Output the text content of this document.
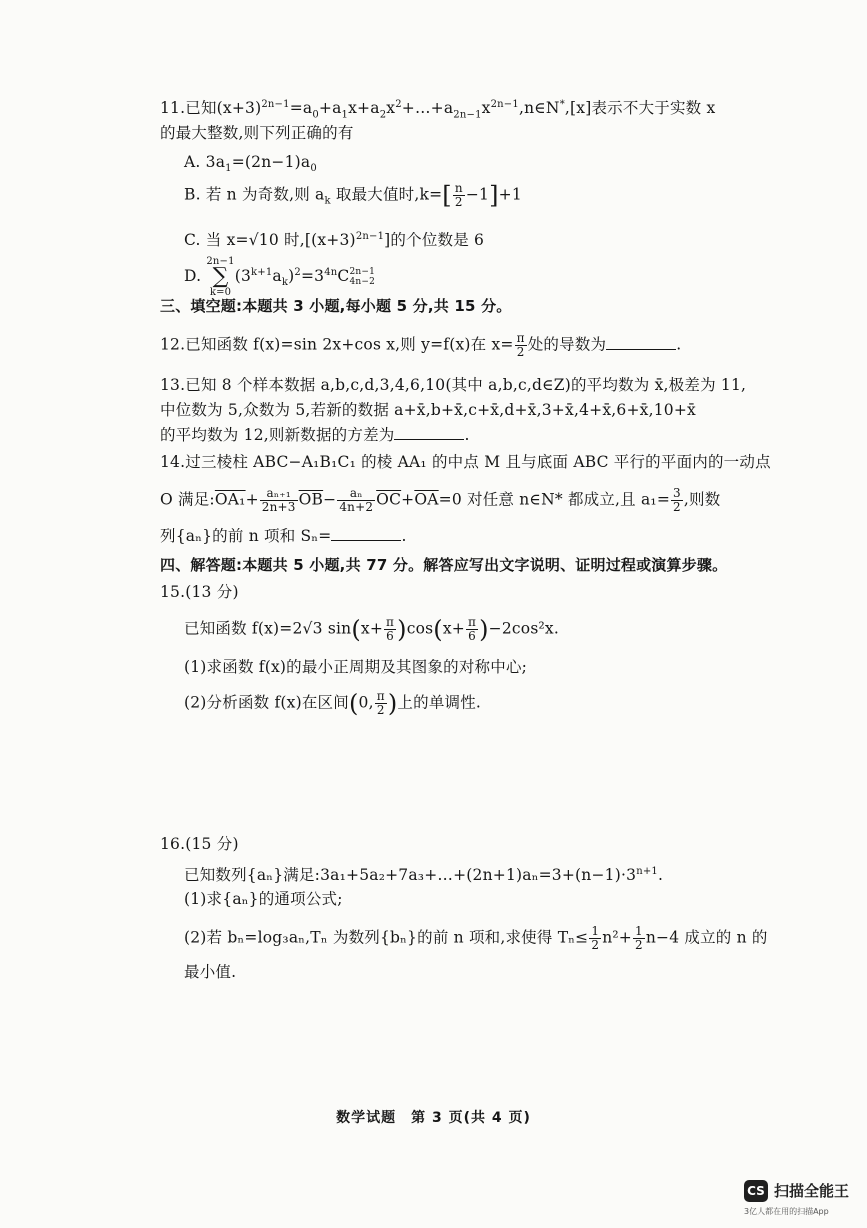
11.已知$(x+3)^{2n-1}=a_0+a_1x+a_2x^2+\dots+a_{2n-1}x^{2n-1},n\in N^*,[x]$表示不大于实数 x
的最大整数,则下列正确的有
A. $3a_1=(2n-1)a_0$
B. 若 n 为奇数,则 $a_k$ 取最大值时$,k=[ \frac{n}{2} -1]+1$
C. 当 x=√10 时$,[(x+3)^{2n-1}]$的个位数是 6
D. 2n−1
∑
$k=0(3^{k+1}a_k)^2=3^{4n}C$ 2n−1
4n−2
三、填空题:本题共 3 小题,每小题 5 分,共 15 分。
12.已知函数 f(x)=sin 2x+cos x,则 y=f(x)在 $x= \frac{\pi}{2}$ 处的导数为	.
13.已知 8 个样本数据 a,b,c,d,3,4,6,10(其中 a,b,c,d∈Z)的平均数为 x̄,极差为 11,
中位数为 5,众数为 5,若新的数据 a+x̄,b+x̄,c+x̄,d+x̄,3+x̄,4+x̄,6+x̄,10+x̄
的平均数为 12,则新数据的方差为	.
14.过三棱柱 ABC−A₁B₁C₁ 的棱 AA₁ 的中点 M 且与底面 ABC 平行的平面内的一动点
O 满足:OA₁+ $\frac{\text{aₙ₊₁}}{2n+3} \overline{OB}- \frac{\text{aₙ}}{4n+2} \overline{OC}+\overline{OA}=0$ 对任意 n∈N* 都成立,且 $a_1= \frac{3}{2}$ ,则数
列{aₙ}的前 n 项和 Sₙ=	.
四、解答题:本题共 5 小题,共 77 分。解答应写出文字说明、证明过程或演算步骤。
15.(13 分)
已知函数 f(x)=2√3 $\sin(x+ \frac{\pi}{6} )\cos(x+ \frac{\pi}{6} )-2\cos^2x$.
(1)求函数 f(x)的最小正周期及其图象的对称中心;
(2)分析函数 f(x)在区间(0, $\frac{\pi}{2}$ )上的单调性.
16.(15 分)
已知数列{aₙ}满足$:3a_1+5a_2+7a_3+\dots+(2n+1)a_n=3+(n-1)\cdot 3^{n+1}$.
(1)求{aₙ}的通项公式;
(2)若 bₙ=log₃aₙ,Tₙ 为数列{bₙ}的前 n 项和,求使得 $T_n\le \frac{1}{2} n^2+ \frac{1}{2} n-4$ 成立的 n 的
最小值.
数学试题　第 3 页(共 4 页)
CS 扫描全能王
3亿人都在用的扫描App
